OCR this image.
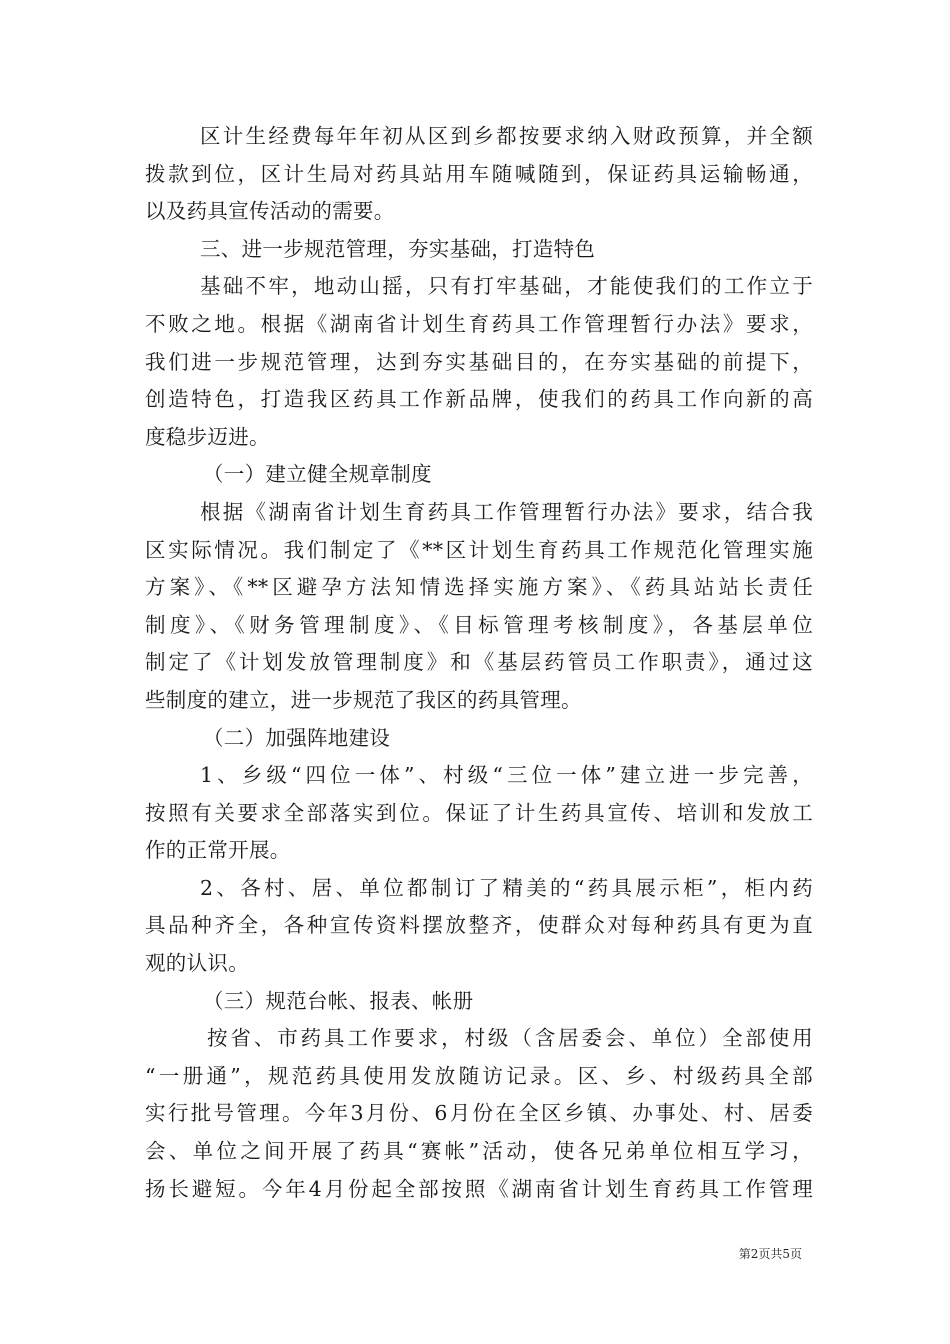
区计生经费每年年初从区到乡都按要求纳入财政预算，并全额
拨款到位，区计生局对药具站用车随喊随到，保证药具运输畅通，
以及药具宣传活动的需要。
三、进一步规范管理，夯实基础，打造特色
基础不牢，地动山摇，只有打牢基础，才能使我们的工作立于
不败之地。根据《湖南省计划生育药具工作管理暂行办法》要求，
我们进一步规范管理，达到夯实基础目的，在夯实基础的前提下，
创造特色，打造我区药具工作新品牌，使我们的药具工作向新的高
度稳步迈进。
（一）建立健全规章制度
根据《湖南省计划生育药具工作管理暂行办法》要求，结合我
区实际情况。我们制定了《**区计划生育药具工作规范化管理实施
方案》、《**区避孕方法知情选择实施方案》、《药具站站长责任
制度》、《财务管理制度》、《目标管理考核制度》，各基层单位
制定了《计划发放管理制度》和《基层药管员工作职责》，通过这
些制度的建立，进一步规范了我区的药具管理。
（二）加强阵地建设
1、乡级“四位一体”、村级“三位一体”建立进一步完善，
按照有关要求全部落实到位。保证了计生药具宣传、培训和发放工
作的正常开展。
2、各村、居、单位都制订了精美的“药具展示柜”，柜内药
具品种齐全，各种宣传资料摆放整齐，使群众对每种药具有更为直
观的认识。
（三）规范台帐、报表、帐册
按省、市药具工作要求，村级（含居委会、单位）全部使用
“一册通”，规范药具使用发放随访记录。区、乡、村级药具全部
实行批号管理。今年3月份、6月份在全区乡镇、办事处、村、居委
会、单位之间开展了药具“赛帐”活动，使各兄弟单位相互学习，
扬长避短。今年4月份起全部按照《湖南省计划生育药具工作管理
第2页共5页
